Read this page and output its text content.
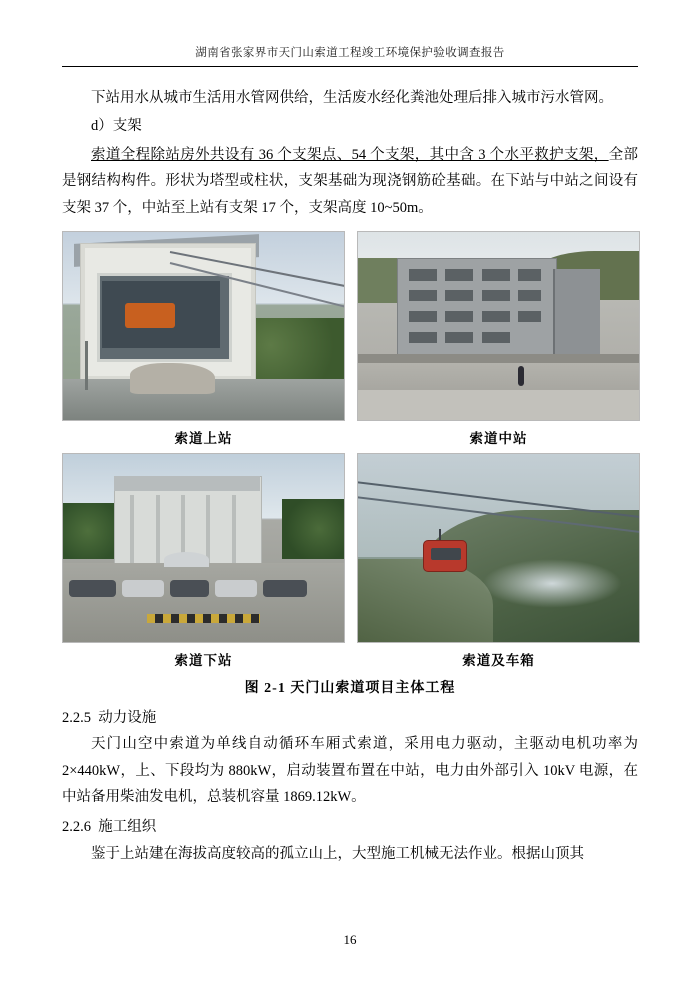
湖南省张家界市天门山索道工程竣工环境保护验收调查报告

下站用水从城市生活用水管网供给，生活废水经化粪池处理后排入城市污水管网。

d）支架

索道全程除站房外共设有 36 个支架点、54 个支架，其中含 3 个水平救护支架，全部是钢结构构件。形状为塔型或柱状，支架基础为现浇钢筋砼基础。在下站与中站之间设有支架 37 个，中站至上站有支架 17 个，支架高度 10~50m。

索道上站	索道中站
索道下站	索道及车箱
图 2-1 天门山索道项目主体工程

2.2.5 动力设施

天门山空中索道为单线自动循环车厢式索道，采用电力驱动，主驱动电机功率为 2×440kW，上、下段均为 880kW，启动装置布置在中站，电力由外部引入 10kV 电源，在中站备用柴油发电机，总装机容量 1869.12kW。

2.2.6 施工组织

鉴于上站建在海拔高度较高的孤立山上，大型施工机械无法作业。根据山顶其

16
